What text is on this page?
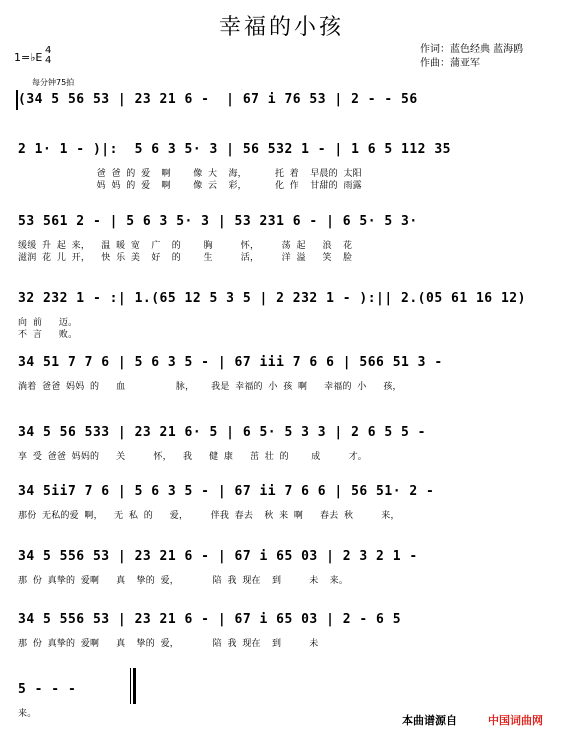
幸福的小孩
作词：蓝色经典 蓝海鸥
作曲：蒲亚军
1=♭E
4
4
每分钟75拍
(34 5 56 53 | 23 21 6 -  | 67 i 76 53 | 2 - - 56
2 1· 1 - )|:  5 6 3 5· 3 | 56 532 1 - | 1 6 5 112 35
爸 爸 的 爱  啊    像 大  海，     托 着  早晨的 太阳
妈 妈 的 爱  啊    像 云  彩，     化 作  甘甜的 雨露
53 561 2 - | 5 6 3 5· 3 | 53 231 6 - | 6 5· 5 3·
缓缓 升 起 来，  温 暖 宽  广  的    胸     怀，    荡 起   浪  花
滋润 花 儿 开，  快 乐 美  好  的    生     活，    洋 溢   笑  脸
32 232 1 - :| 1.(65 12 5 3 5 | 2 232 1 - ):|| 2.(05 61 16 12)
向 前   迈。
不 言   败。
34 51 7 7 6 | 5 6 3 5 - | 67 iii 7 6 6 | 566 51 3 -
淌着 爸爸 妈妈 的   血         脉，   我是 幸福的 小 孩 啊   幸福的 小   孩，
34 5 56 533 | 23 21 6· 5 | 6 5· 5 3 3 | 2 6 5 5 -
享 受 爸爸 妈妈的   关     怀，  我   健 康   茁 壮 的    成     才。
34 5ii7 7 6 | 5 6 3 5 - | 67 ii 7 6 6 | 56 51· 2 -
那份 无私的爱 啊，  无 私 的   爱，    伴我 春去  秋 来 啊   春去 秋     来，
34 5 556 53 | 23 21 6 - | 67 i 65 03 | 2 3 2 1 -
那 份 真挚的 爱啊   真  挚的 爱，      陪 我 现在  到     未  来。
34 5 556 53 | 23 21 6 - | 67 i 65 03 | 2 - 6 5
那 份 真挚的 爱啊   真  挚的 爱，      陪 我 现在  到     未
5 - - -
来。	本曲谱源自	中国词曲网
